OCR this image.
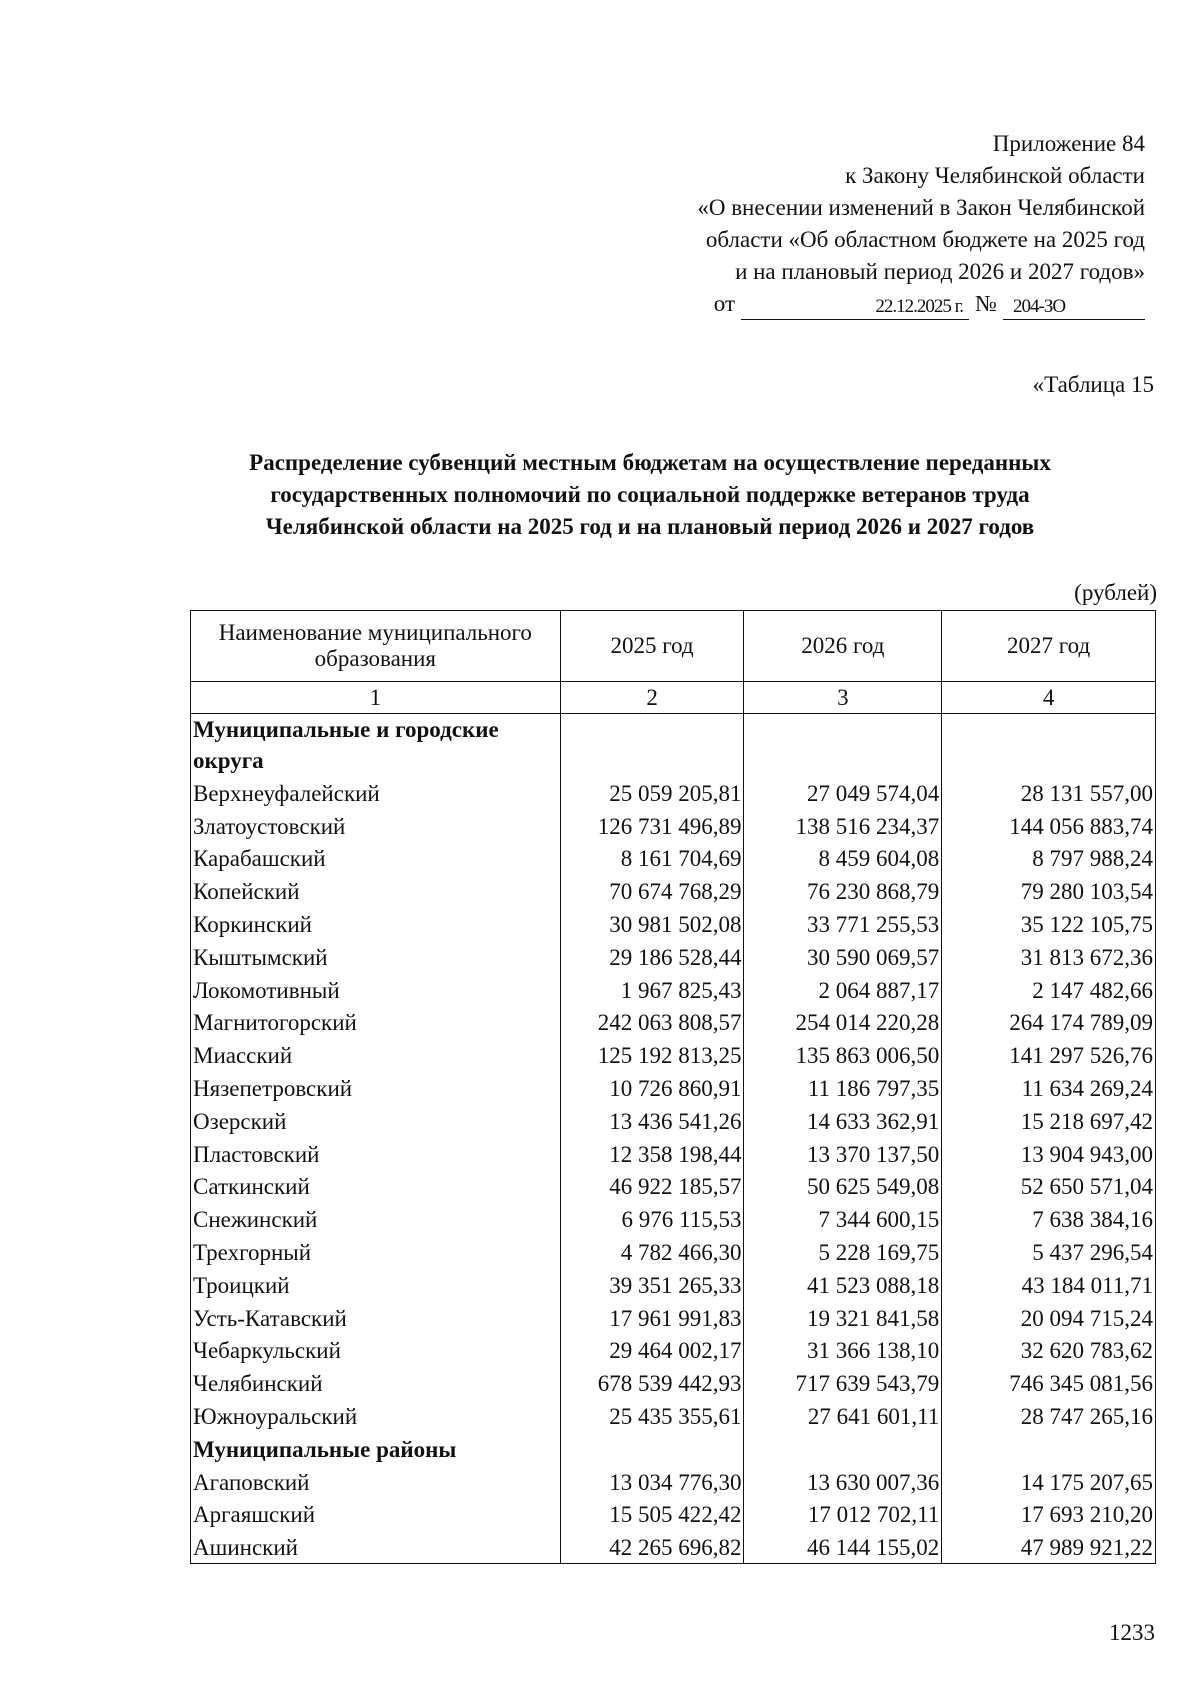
Приложение 84
к Закону Челябинской области
«О внесении изменений в Закон Челябинской
области «Об областном бюджете на 2025 год
и на плановый период 2026 и 2027 годов»
от	22.12.2025 г. № 204-ЗО
«Таблица 15
Распределение субвенций местным бюджетам на осуществление переданных
государственных полномочий по социальной поддержке ветеранов труда
Челябинской области на 2025 год и на плановый период 2026 и 2027 годов
(рублей)
Наименование муниципального образования	2025 год	2026 год	2027 год
1	2	3	4
Муниципальные и городские округа			
Верхнеуфалейский	25 059 205,81	27 049 574,04	28 131 557,00
Златоустовский	126 731 496,89	138 516 234,37	144 056 883,74
Карабашский	8 161 704,69	8 459 604,08	8 797 988,24
Копейский	70 674 768,29	76 230 868,79	79 280 103,54
Коркинский	30 981 502,08	33 771 255,53	35 122 105,75
Кыштымский	29 186 528,44	30 590 069,57	31 813 672,36
Локомотивный	1 967 825,43	2 064 887,17	2 147 482,66
Магнитогорский	242 063 808,57	254 014 220,28	264 174 789,09
Миасский	125 192 813,25	135 863 006,50	141 297 526,76
Нязепетровский	10 726 860,91	11 186 797,35	11 634 269,24
Озерский	13 436 541,26	14 633 362,91	15 218 697,42
Пластовский	12 358 198,44	13 370 137,50	13 904 943,00
Саткинский	46 922 185,57	50 625 549,08	52 650 571,04
Снежинский	6 976 115,53	7 344 600,15	7 638 384,16
Трехгорный	4 782 466,30	5 228 169,75	5 437 296,54
Троицкий	39 351 265,33	41 523 088,18	43 184 011,71
Усть-Катавский	17 961 991,83	19 321 841,58	20 094 715,24
Чебаркульский	29 464 002,17	31 366 138,10	32 620 783,62
Челябинский	678 539 442,93	717 639 543,79	746 345 081,56
Южноуральский	25 435 355,61	27 641 601,11	28 747 265,16
Муниципальные районы			
Агаповский	13 034 776,30	13 630 007,36	14 175 207,65
Аргаяшский	15 505 422,42	17 012 702,11	17 693 210,20
Ашинский	42 265 696,82	46 144 155,02	47 989 921,22
1233
